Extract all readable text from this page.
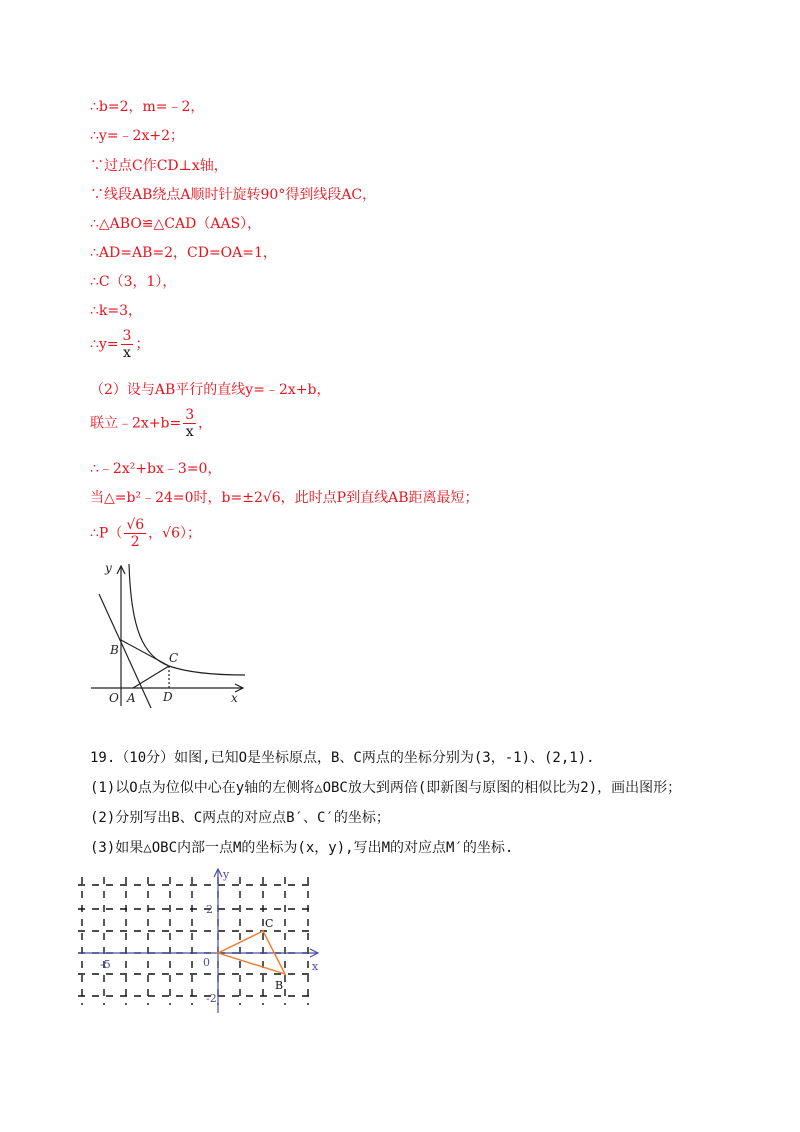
∴b=2，m=﹣2，
∴y=﹣2x+2；
∵过点C作CD⊥x轴，
∵线段AB绕点A顺时针旋转90°得到线段AC，
∴△ABO≌△CAD（AAS），
∴AD=AB=2，CD=OA=1，
∴C（3，1），
∴k=3，
∴y= $\frac{3}{x}$ ；
（2）设与AB平行的直线y=﹣2x+b，
联立﹣2x+b= $\frac{3}{x}$ ，
∴﹣2x²+bx﹣3=0，
当△=b²﹣24=0时，b=±2√6，此时点P到直线AB距离最短；
∴P（ $\frac{√6}{2}$ ，√6）；
y
x
O A
B
C
D
19.（10分）如图,已知O是坐标原点，B、C两点的坐标分别为(3，-1)、(2,1).
(1)以O点为位似中心在y轴的左侧将△OBC放大到两倍(即新图与原图的相似比为2)，画出图形；
(2)分别写出B、C两点的对应点B′、C′的坐标；
(3)如果△OBC内部一点M的坐标为(x，y),写出M的对应点M′的坐标.
y
x
0
2
-2
-5
C
B
